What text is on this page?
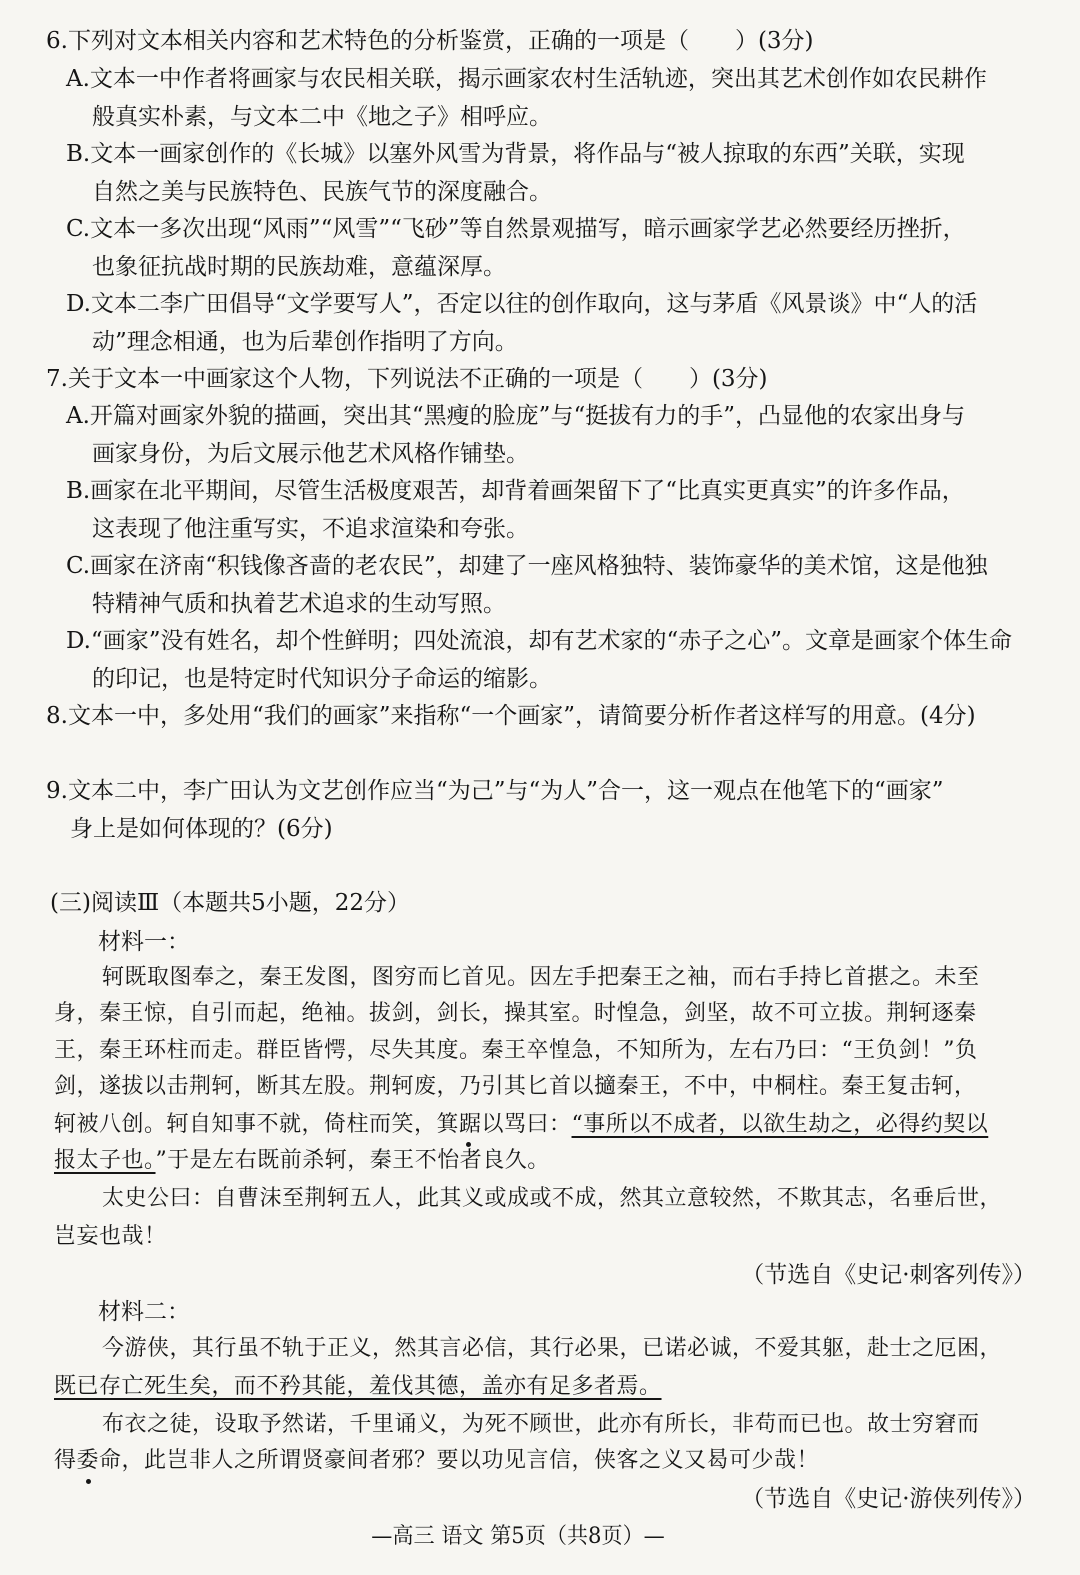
6.下列对文本相关内容和艺术特色的分析鉴赏，正确的一项是（　　）(3分)
A.文本一中作者将画家与农民相关联，揭示画家农村生活轨迹，突出其艺术创作如农民耕作
般真实朴素，与文本二中《地之子》相呼应。
B.文本一画家创作的《长城》以塞外风雪为背景，将作品与“被人掠取的东西”关联，实现
自然之美与民族特色、民族气节的深度融合。
C.文本一多次出现“风雨”“风雪”“飞砂”等自然景观描写，暗示画家学艺必然要经历挫折，
也象征抗战时期的民族劫难，意蕴深厚。
D.文本二李广田倡导“文学要写人”，否定以往的创作取向，这与茅盾《风景谈》中“人的活
动”理念相通，也为后辈创作指明了方向。
7.关于文本一中画家这个人物，下列说法不正确的一项是（　　）(3分)
A.开篇对画家外貌的描画，突出其“黑瘦的脸庞”与“挺拔有力的手”，凸显他的农家出身与
画家身份，为后文展示他艺术风格作铺垫。
B.画家在北平期间，尽管生活极度艰苦，却背着画架留下了“比真实更真实”的许多作品，
这表现了他注重写实，不追求渲染和夸张。
C.画家在济南“积钱像吝啬的老农民”，却建了一座风格独特、装饰豪华的美术馆，这是他独
特精神气质和执着艺术追求的生动写照。
D.“画家”没有姓名，却个性鲜明；四处流浪，却有艺术家的“赤子之心”。文章是画家个体生命
的印记，也是特定时代知识分子命运的缩影。
8.文本一中，多处用“我们的画家”来指称“一个画家”，请简要分析作者这样写的用意。(4分)
9.文本二中，李广田认为文艺创作应当“为己”与“为人”合一，这一观点在他笔下的“画家”
身上是如何体现的？(6分)
(三)阅读Ⅲ（本题共5小题，22分）
材料一：
轲既取图奉之，秦王发图，图穷而匕首见。因左手把秦王之袖，而右手持匕首揕之。未至
身，秦王惊，自引而起，绝袖。拔剑，剑长，操其室。时惶急，剑坚，故不可立拔。荆轲逐秦
王，秦王环柱而走。群臣皆愕，尽失其度。秦王卒惶急，不知所为，左右乃曰：“王负剑！”负
剑，遂拔以击荆轲，断其左股。荆轲废，乃引其匕首以擿秦王，不中，中桐柱。秦王复击轲，
轲被八创。轲自知事不就，倚柱而笑，箕踞以骂曰：“事所以不成者，以欲生劫之，必得约契以
报太子也。”于是左右既前杀轲，秦王不怡者良久。
太史公曰：自曹沫至荆轲五人，此其义或成或不成，然其立意较然，不欺其志，名垂后世，
岂妄也哉！
（节选自《史记·刺客列传》）
材料二：
今游侠，其行虽不轨于正义，然其言必信，其行必果，已诺必诚，不爱其躯，赴士之厄困，
既已存亡死生矣，而不矜其能，羞伐其德，盖亦有足多者焉。
布衣之徒，设取予然诺，千里诵义，为死不顾世，此亦有所长，非苟而已也。故士穷窘而
得委命，此岂非人之所谓贤豪间者邪？要以功见言信，侠客之义又曷可少哉！
（节选自《史记·游侠列传》）
—高三 语文 第5页（共8页）—
